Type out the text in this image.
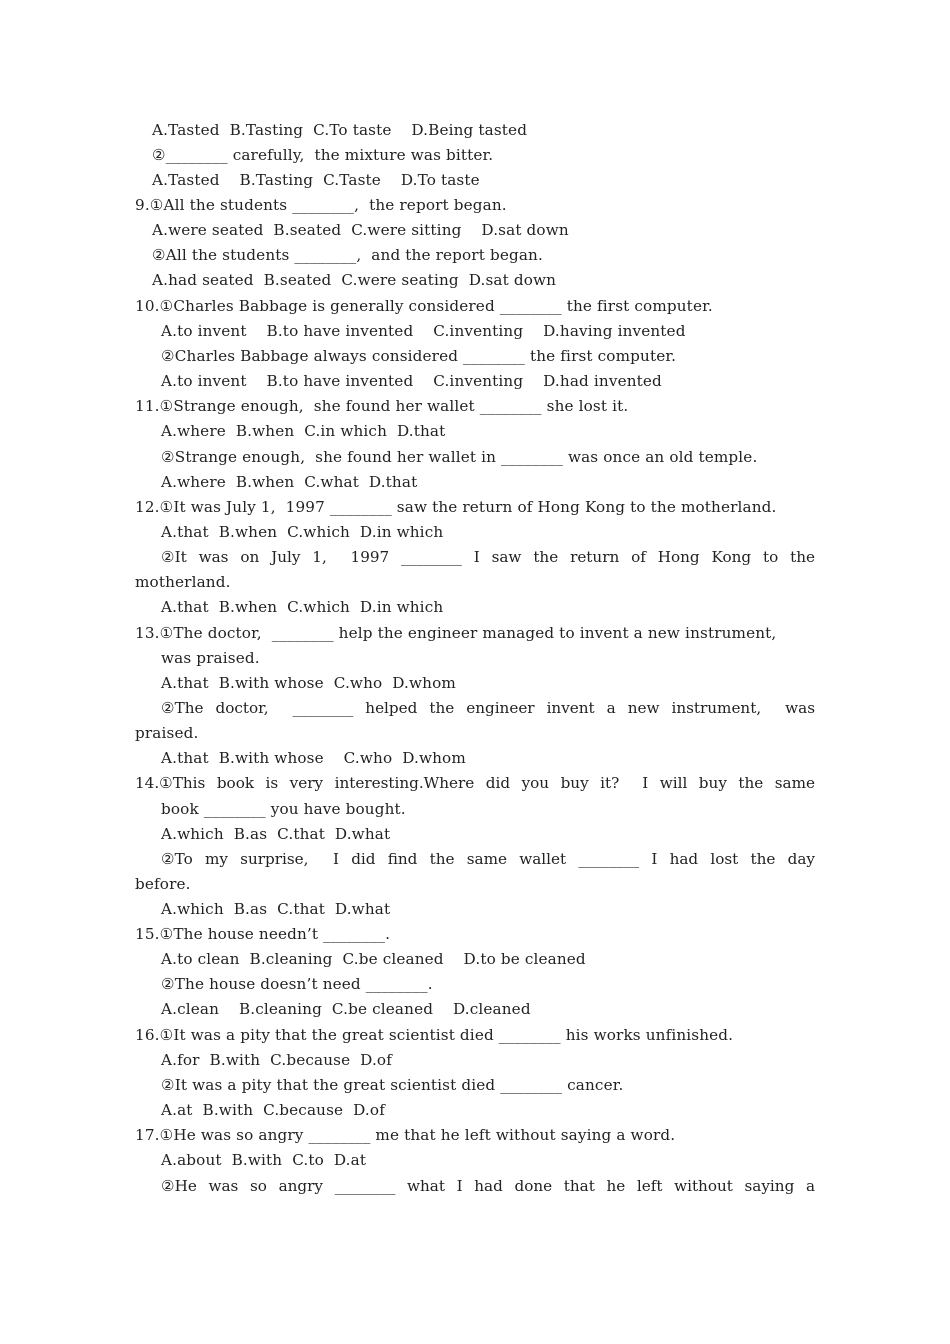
A.Tasted  B.Tasting  C.To taste    D.Being tasted
②________ carefully,  the mixture was bitter.
A.Tasted    B.Tasting  C.Taste    D.To taste
9.①All the students ________,  the report began.
A.were seated  B.seated  C.were sitting    D.sat down
②All the students ________,  and the report began.
A.had seated  B.seated  C.were seating  D.sat down
10.①Charles Babbage is generally considered ________ the first computer.
A.to invent    B.to have invented    C.inventing    D.having invented
②Charles Babbage always considered ________ the first computer.
A.to invent    B.to have invented    C.inventing    D.had invented
11.①Strange enough,  she found her wallet ________ she lost it.
A.where  B.when  C.in which  D.that
②Strange enough,  she found her wallet in ________ was once an old temple.
A.where  B.when  C.what  D.that
12.①It was July 1,  1997 ________ saw the return of Hong Kong to the motherland.
A.that  B.when  C.which  D.in which
②It was on July 1,  1997 ________ I saw the return of Hong Kong to the
motherland.
A.that  B.when  C.which  D.in which
13.①The doctor,  ________ help the engineer managed to invent a new instrument,
was praised.
A.that  B.with whose  C.who  D.whom
②The doctor,  ________ helped the engineer invent a new instrument,  was
praised.
A.that  B.with whose    C.who  D.whom
14.①This book is very interesting.Where did you buy it?  I will buy the same
book ________ you have bought.
A.which  B.as  C.that  D.what
②To my surprise,  I did find the same wallet ________ I had lost the day
before.
A.which  B.as  C.that  D.what
15.①The house needn’t ________.
A.to clean  B.cleaning  C.be cleaned    D.to be cleaned
②The house doesn’t need ________.
A.clean    B.cleaning  C.be cleaned    D.cleaned
16.①It was a pity that the great scientist died ________ his works unfinished.
A.for  B.with  C.because  D.of
②It was a pity that the great scientist died ________ cancer.
A.at  B.with  C.because  D.of
17.①He was so angry ________ me that he left without saying a word.
A.about  B.with  C.to  D.at
②He was so angry ________ what I had done that he left without saying a
